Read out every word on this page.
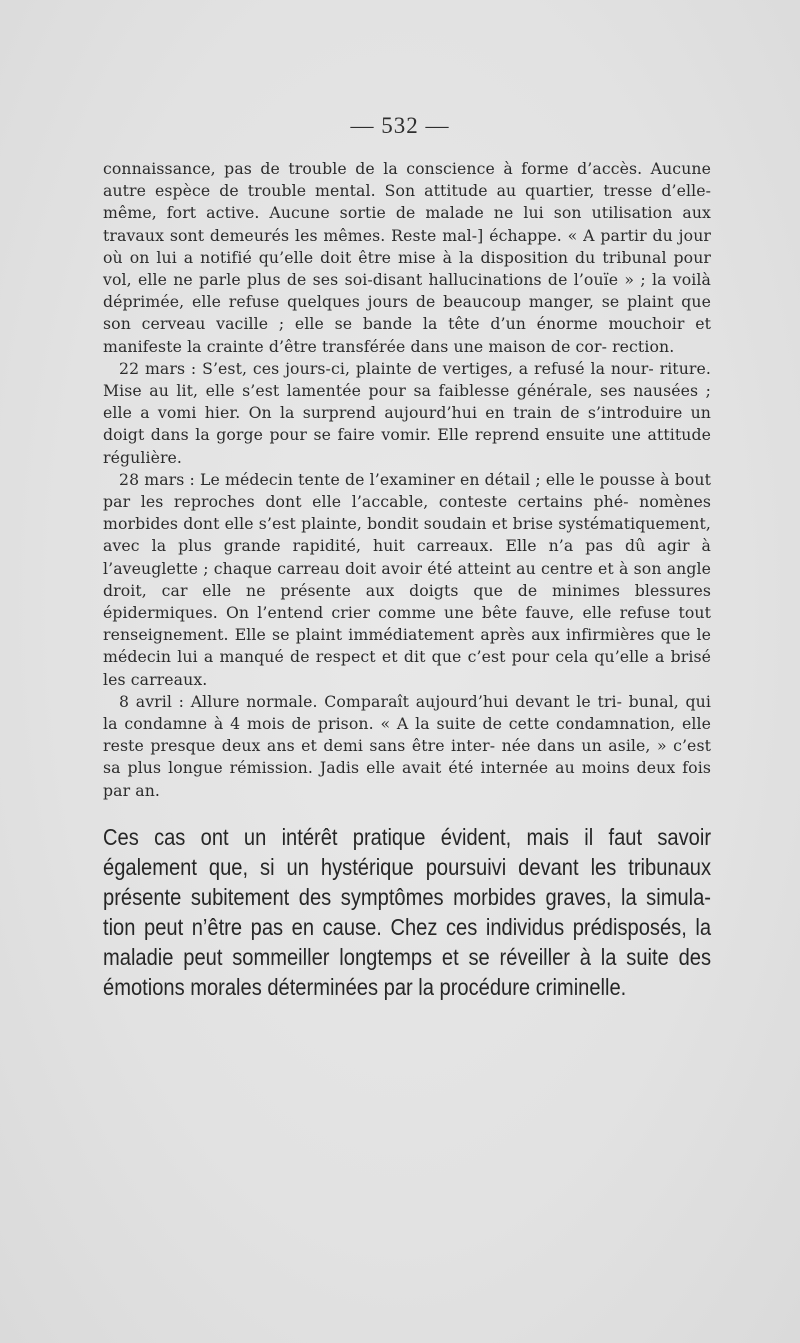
— 532 —

connaissance, pas de trouble de la conscience à forme d’accès. Aucune autre espèce de trouble mental. Son attitude au quartier, tresse d’elle-même, fort active. Aucune sortie de malade ne lui son utilisation aux travaux sont demeurés les mêmes. Reste mal-] échappe. « A partir du jour où on lui a notifié qu’elle doit être mise à la disposition du tribunal pour vol, elle ne parle plus de ses soi-disant hallucinations de l’ouïe » ; la voilà déprimée, elle refuse quelques jours de beaucoup manger, se plaint que son cerveau vacille ; elle se bande la tête d’un énorme mouchoir et manifeste la crainte d’être transférée dans une maison de cor- rection.

22 mars : S’est, ces jours-ci, plainte de vertiges, a refusé la nour- riture. Mise au lit, elle s’est lamentée pour sa faiblesse générale, ses nausées ; elle a vomi hier. On la surprend aujourd’hui en train de s’introduire un doigt dans la gorge pour se faire vomir. Elle reprend ensuite une attitude régulière.

28 mars : Le médecin tente de l’examiner en détail ; elle le pousse à bout par les reproches dont elle l’accable, conteste certains phé- nomènes morbides dont elle s’est plainte, bondit soudain et brise systématiquement, avec la plus grande rapidité, huit carreaux. Elle n’a pas dû agir à l’aveuglette ; chaque carreau doit avoir été atteint au centre et à son angle droit, car elle ne présente aux doigts que de minimes blessures épidermiques. On l’entend crier comme une bête fauve, elle refuse tout renseignement. Elle se plaint immédiatement après aux infirmières que le médecin lui a manqué de respect et dit que c’est pour cela qu’elle a brisé les carreaux.

8 avril : Allure normale. Comparaît aujourd’hui devant le tri- bunal, qui la condamne à 4 mois de prison. « A la suite de cette condamnation, elle reste presque deux ans et demi sans être inter- née dans un asile, » c’est sa plus longue rémission. Jadis elle avait été internée au moins deux fois par an.

Ces cas ont un intérêt pratique évident, mais il faut savoir également que, si un hystérique poursuivi devant les tribunaux présente subitement des symptômes morbides graves, la simula- tion peut n’être pas en cause. Chez ces individus prédisposés, la maladie peut sommeiller longtemps et se réveiller à la suite des émotions morales déterminées par la procédure criminelle.
